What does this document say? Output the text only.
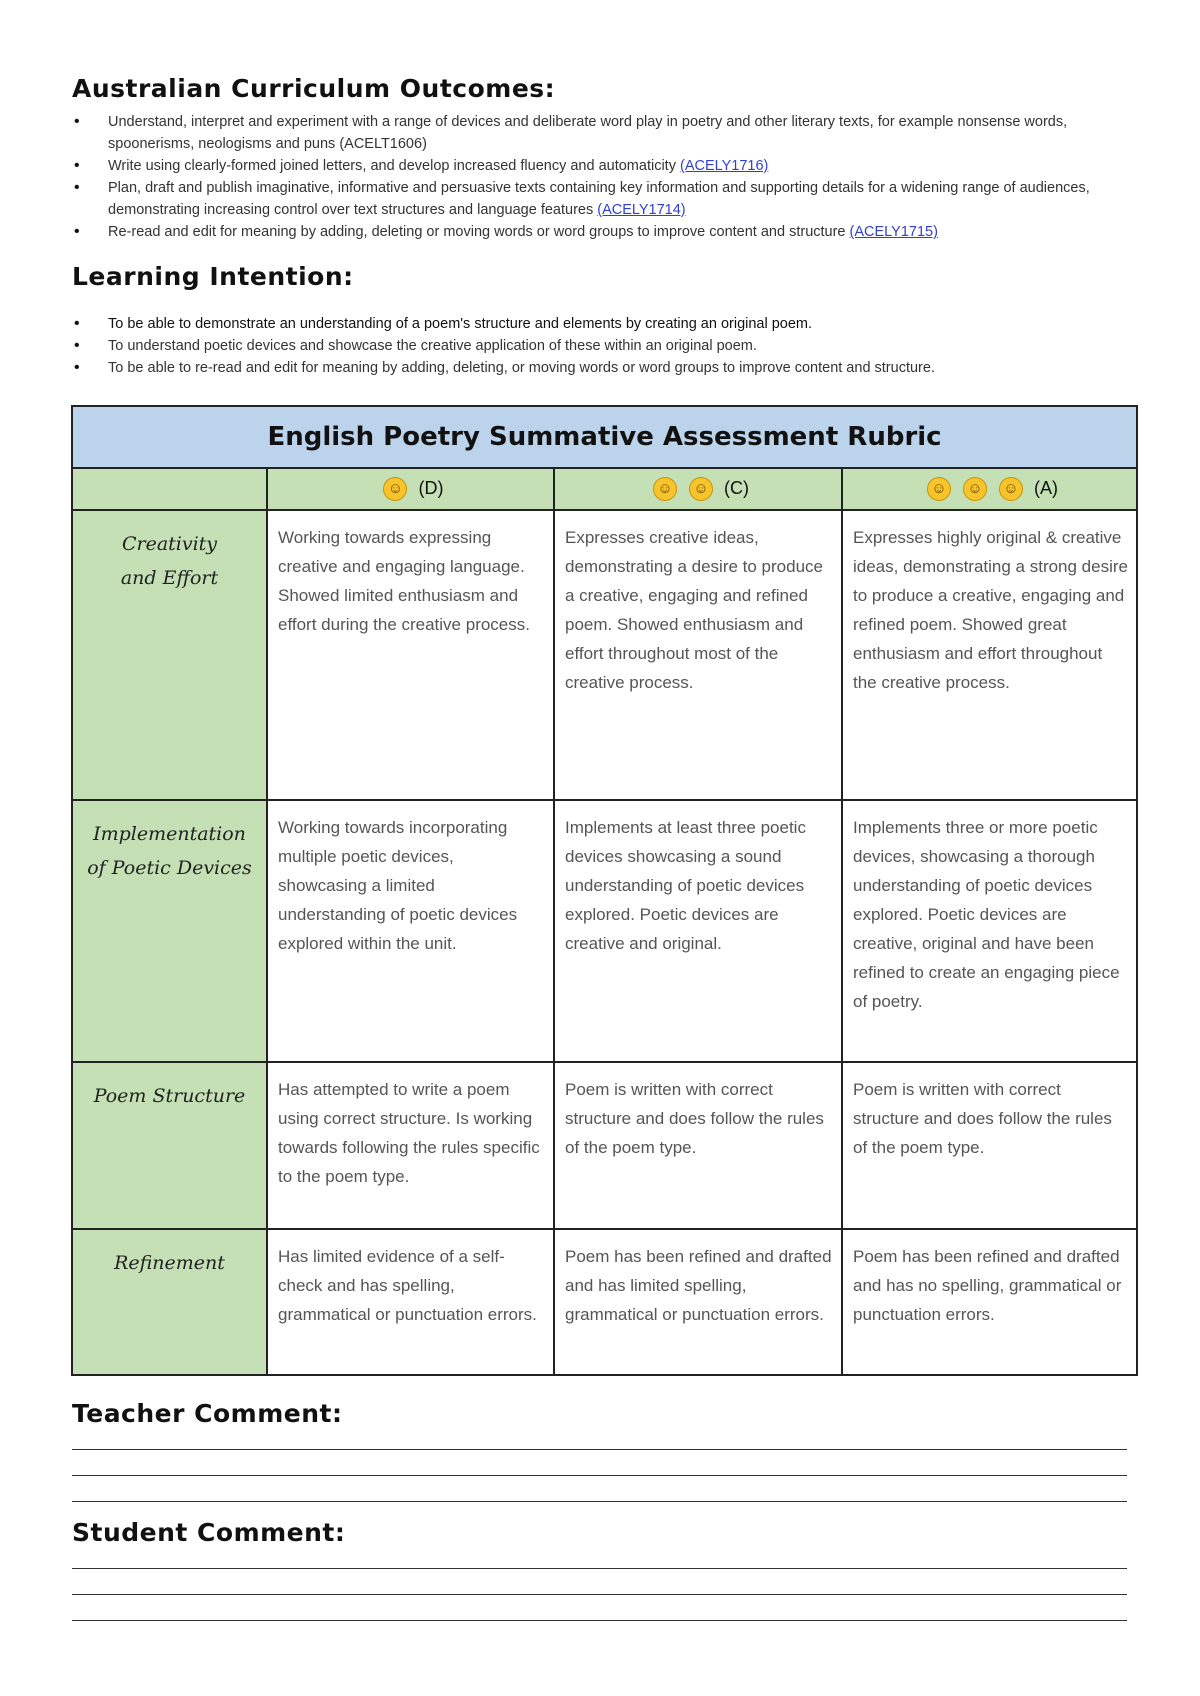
Australian Curriculum Outcomes:
• Understand, interpret and experiment with a range of devices and deliberate word play in poetry and other literary texts, for example nonsense words, spoonerisms, neologisms and puns (ACELT1606)
• Write using clearly-formed joined letters, and develop increased fluency and automaticity (ACELY1716)
• Plan, draft and publish imaginative, informative and persuasive texts containing key information and supporting details for a widening range of audiences, demonstrating increasing control over text structures and language features (ACELY1714)
• Re-read and edit for meaning by adding, deleting or moving words or word groups to improve content and structure (ACELY1715)
Learning Intention:
• To be able to demonstrate an understanding of a poem's structure and elements by creating an original poem.
• To understand poetic devices and showcase the creative application of these within an original poem.
• To be able to re-read and edit for meaning by adding, deleting, or moving words or word groups to improve content and structure.
English Poetry Summative Assessment Rubric			
	☺ (D)	☺ ☺ (C)	☺ ☺ ☺ (A)

Creativity
and Effort	Working towards expressing creative and engaging language. Showed limited enthusiasm and effort during the creative process.	Expresses creative ideas, demonstrating a desire to produce a creative, engaging and refined poem. Showed enthusiasm and effort throughout most of the creative process.	Expresses highly original & creative ideas, demonstrating a strong desire to produce a creative, engaging and refined poem. Showed great enthusiasm and effort throughout the creative process.

Implementation
of Poetic Devices	Working towards incorporating multiple poetic devices, showcasing a limited understanding of poetic devices explored within the unit.	Implements at least three poetic devices showcasing a sound understanding of poetic devices explored. Poetic devices are creative and original.	Implements three or more poetic devices, showcasing a thorough understanding of poetic devices explored. Poetic devices are creative, original and have been refined to create an engaging piece of poetry.

Poem Structure	Has attempted to write a poem using correct structure. Is working towards following the rules specific to the poem type.	Poem is written with correct structure and does follow the rules of the poem type.	Poem is written with correct structure and does follow the rules of the poem type.

Refinement	Has limited evidence of a self-check and has spelling, grammatical or punctuation errors.	Poem has been refined and drafted and has limited spelling, grammatical or punctuation errors.	Poem has been refined and drafted and has no spelling, grammatical or punctuation errors.
Teacher Comment:
Student Comment:
